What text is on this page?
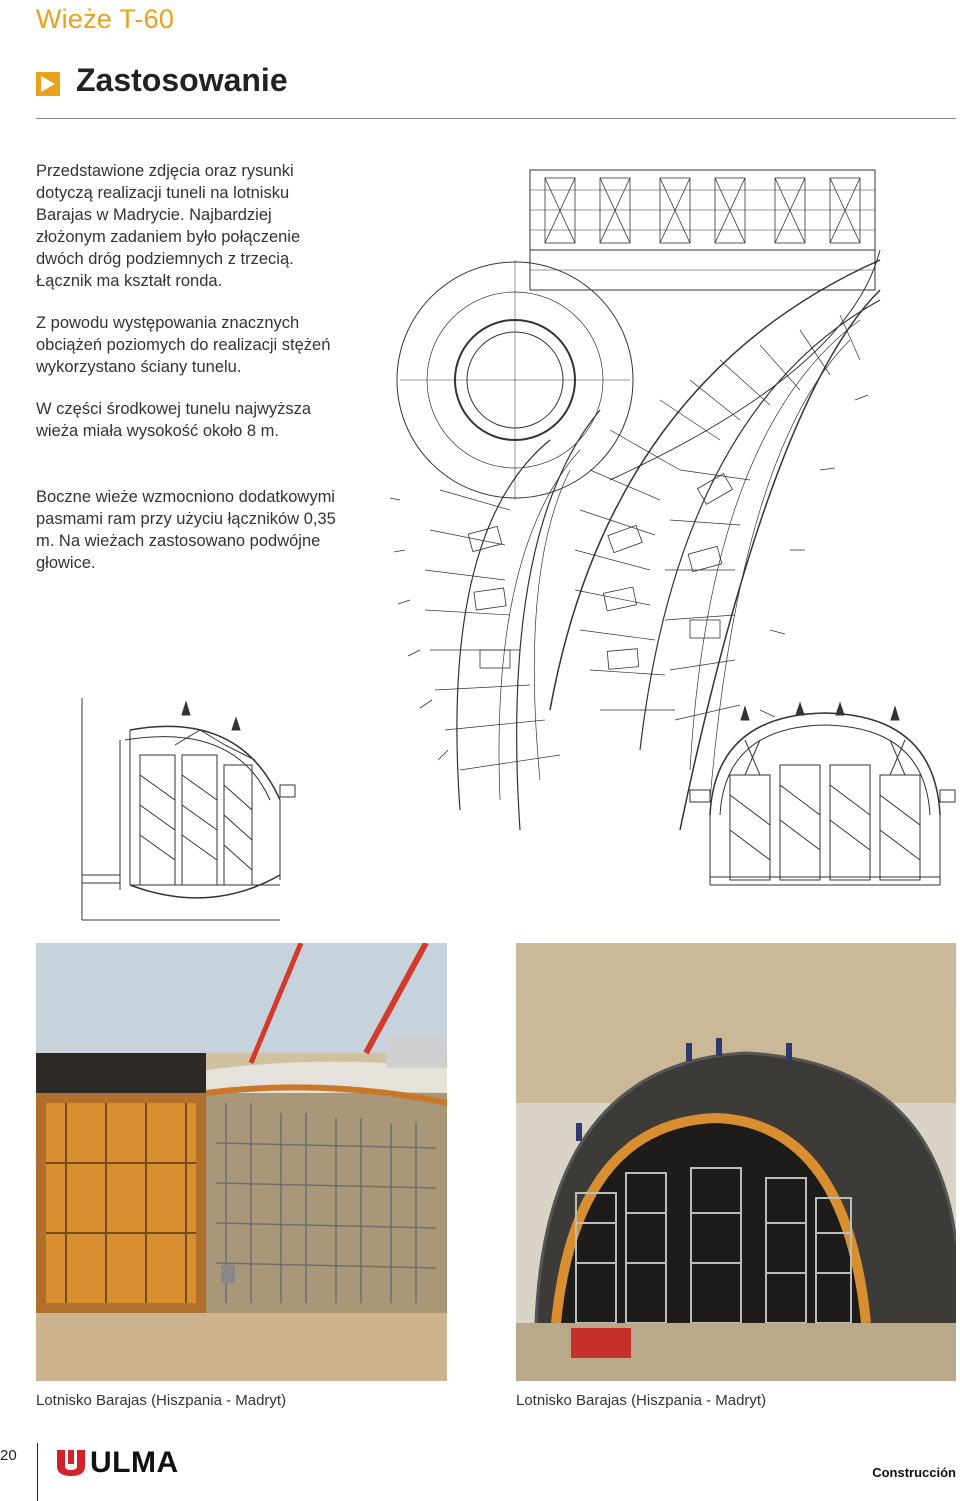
Wieże T-60
Zastosowanie
Przedstawione zdjęcia oraz rysunki dotyczą realizacji tuneli na lotnisku Barajas w Madrycie. Najbardziej złożonym zadaniem było połączenie dwóch dróg podziemnych z trzecią. Łącznik ma kształt ronda.
Z powodu występowania znacznych obciążeń poziomych do realizacji stężeń wykorzystano ściany tunelu.
W części środkowej tunelu najwyższa wieża miała wysokość około 8 m.
Boczne wieże wzmocniono dodatkowymi pasmami ram przy użyciu łączników 0,35 m. Na wieżach zastosowano podwójne głowice.
Lotnisko Barajas (Hiszpania - Madryt)	Lotnisko Barajas (Hiszpania - Madryt)
20 ULMA	Construcción
